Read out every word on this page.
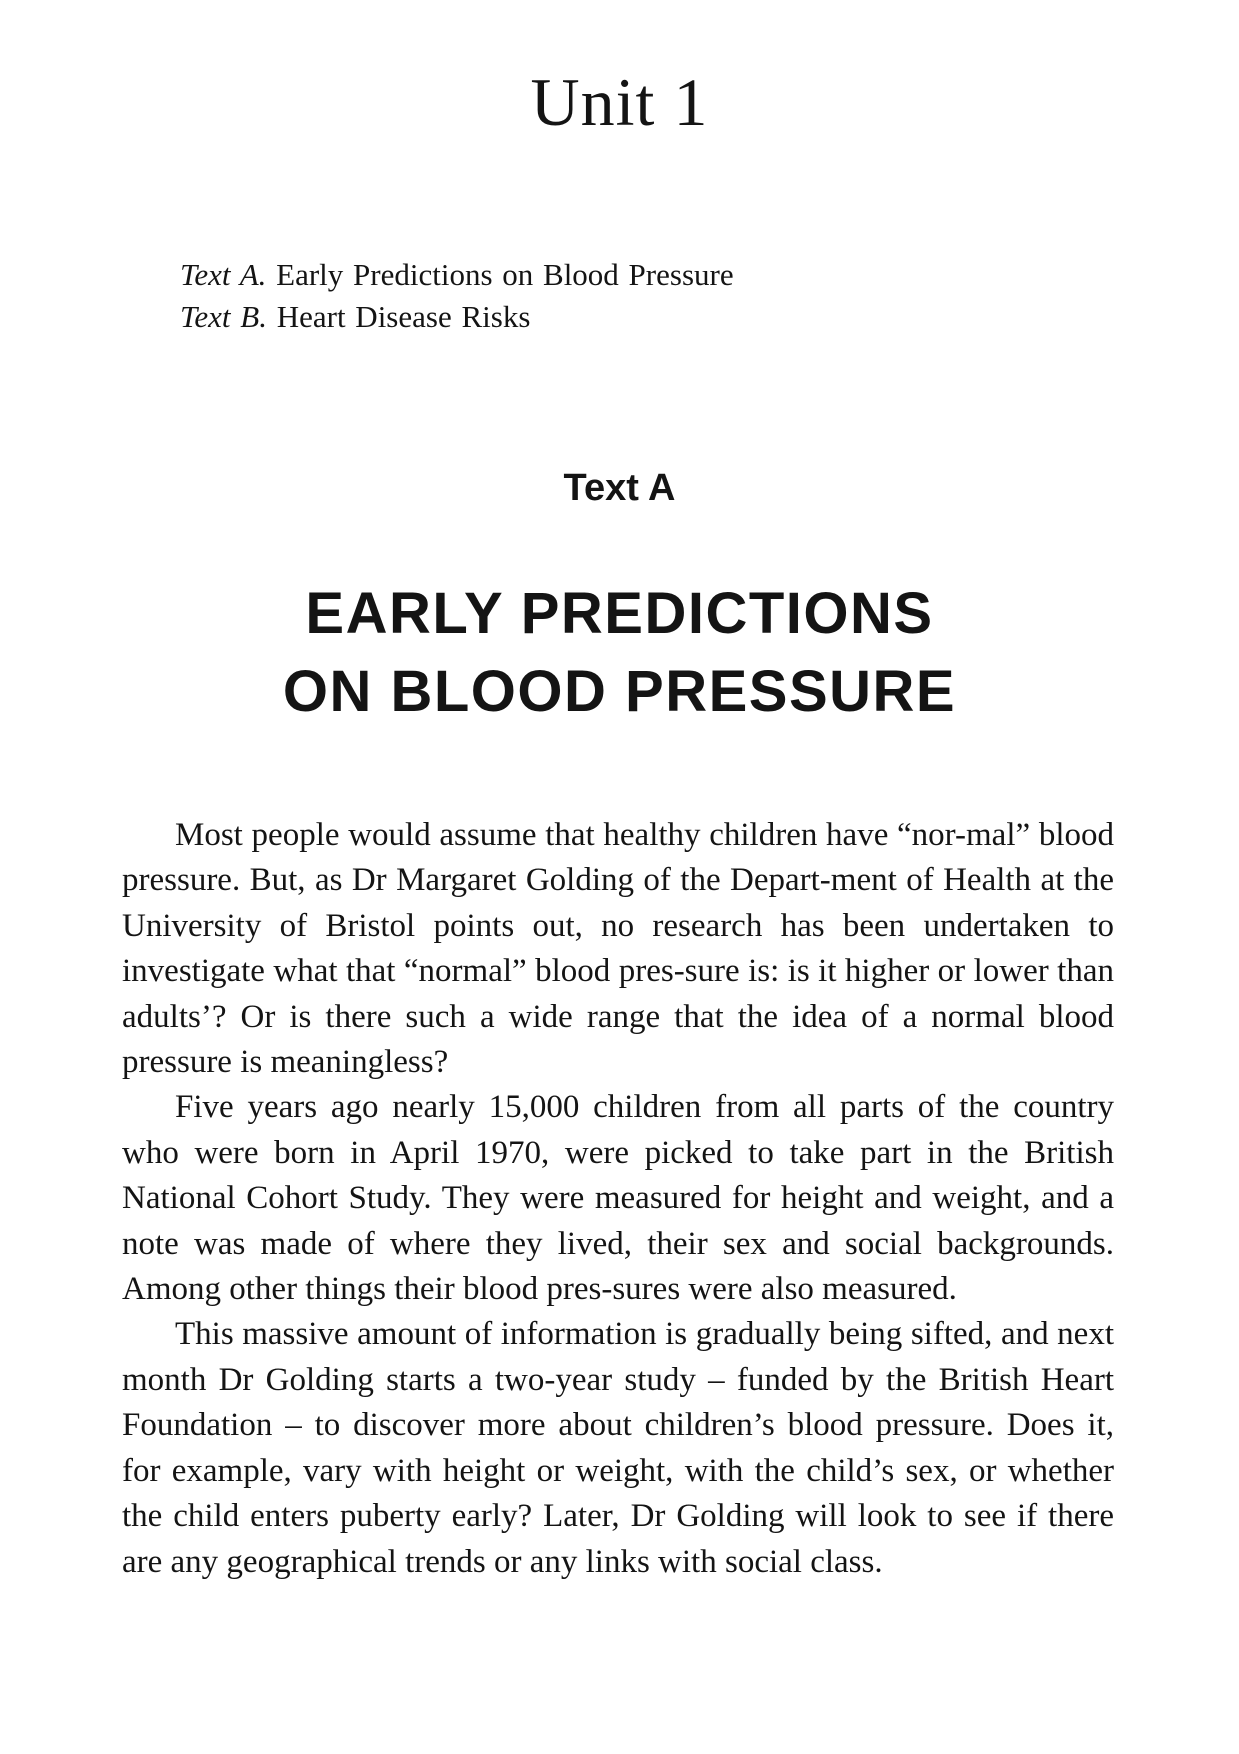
Unit 1
Text A. Early Predictions on Blood Pressure
Text B. Heart Disease Risks
Text A
EARLY PREDICTIONS
ON BLOOD PRESSURE

Most people would assume that healthy children have “nor-mal” blood pressure. But, as Dr Margaret Golding of the Depart-ment of Health at the University of Bristol points out, no research has been undertaken to investigate what that “normal” blood pres-sure is: is it higher or lower than adults’? Or is there such a wide range that the idea of a normal blood pressure is meaningless?

Five years ago nearly 15,000 children from all parts of the country who were born in April 1970, were picked to take part in the British National Cohort Study. They were measured for height and weight, and a note was made of where they lived, their sex and social backgrounds. Among other things their blood pres-sures were also measured.

This massive amount of information is gradually being sifted, and next month Dr Golding starts a two-year study – funded by the British Heart Foundation – to discover more about children’s blood pressure. Does it, for example, vary with height or weight, with the child’s sex, or whether the child enters puberty early? Later, Dr Golding will look to see if there are any geographical trends or any links with social class.
